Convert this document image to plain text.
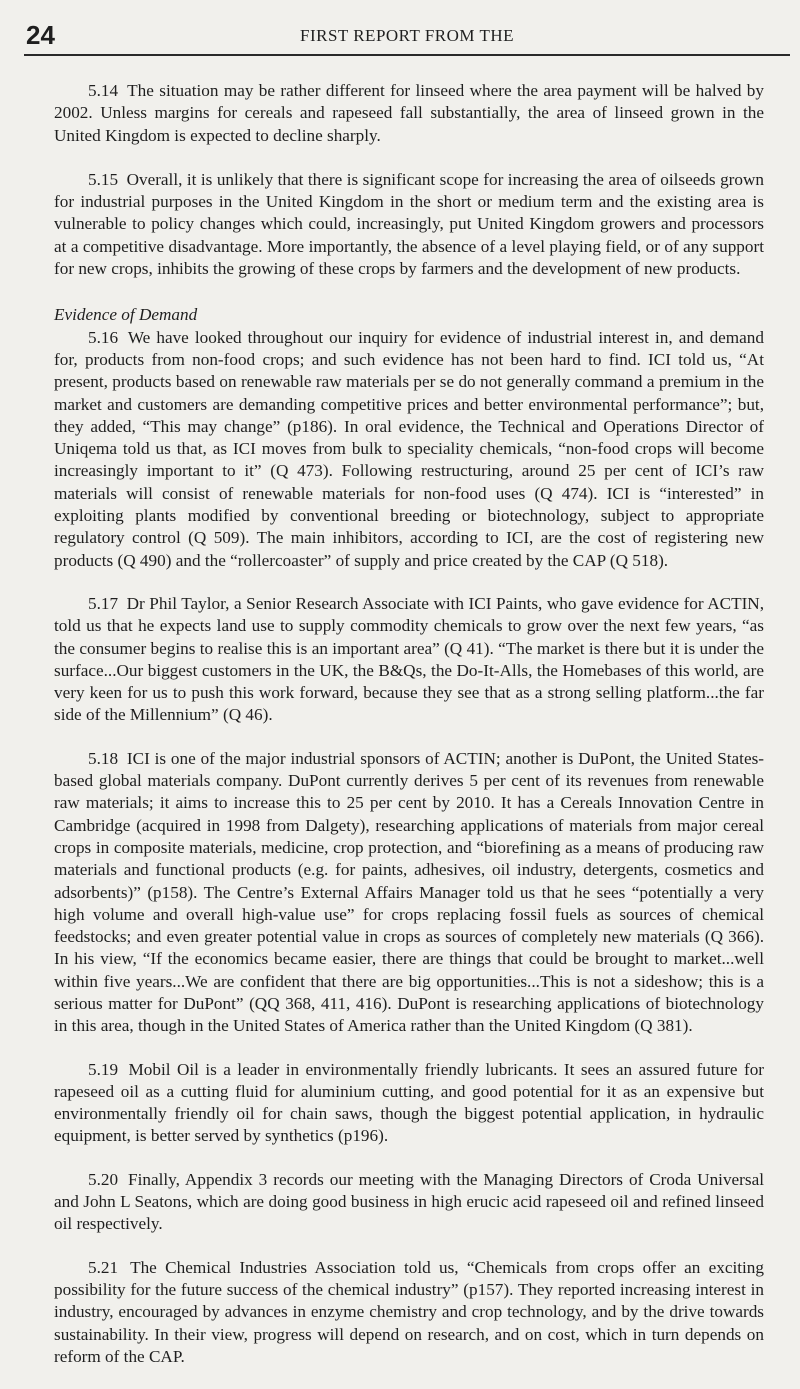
24	FIRST REPORT FROM THE

5.14 The situation may be rather different for linseed where the area payment will be halved by 2002. Unless margins for cereals and rapeseed fall substantially, the area of linseed grown in the United Kingdom is expected to decline sharply.

5.15 Overall, it is unlikely that there is significant scope for increasing the area of oilseeds grown for industrial purposes in the United Kingdom in the short or medium term and the existing area is vulnerable to policy changes which could, increasingly, put United Kingdom growers and processors at a competitive disadvantage. More importantly, the absence of a level playing field, or of any support for new crops, inhibits the growing of these crops by farmers and the development of new products.

Evidence of Demand

5.16 We have looked throughout our inquiry for evidence of industrial interest in, and demand for, products from non-food crops; and such evidence has not been hard to find. ICI told us, “At present, products based on renewable raw materials per se do not generally command a premium in the market and customers are demanding competitive prices and better environmental performance”; but, they added, “This may change” (p186). In oral evidence, the Technical and Operations Director of Uniqema told us that, as ICI moves from bulk to speciality chemicals, “non-food crops will become increasingly important to it” (Q 473). Following restructuring, around 25 per cent of ICI’s raw materials will consist of renewable materials for non-food uses (Q 474). ICI is “interested” in exploiting plants modified by conventional breeding or biotechnology, subject to appropriate regulatory control (Q 509). The main inhibitors, according to ICI, are the cost of registering new products (Q 490) and the “rollercoaster” of supply and price created by the CAP (Q 518).

5.17 Dr Phil Taylor, a Senior Research Associate with ICI Paints, who gave evidence for ACTIN, told us that he expects land use to supply commodity chemicals to grow over the next few years, “as the consumer begins to realise this is an important area” (Q 41). “The market is there but it is under the surface...Our biggest customers in the UK, the B&Qs, the Do-It-Alls, the Homebases of this world, are very keen for us to push this work forward, because they see that as a strong selling platform...the far side of the Millennium” (Q 46).

5.18 ICI is one of the major industrial sponsors of ACTIN; another is DuPont, the United States-based global materials company. DuPont currently derives 5 per cent of its revenues from renewable raw materials; it aims to increase this to 25 per cent by 2010. It has a Cereals Innovation Centre in Cambridge (acquired in 1998 from Dalgety), researching applications of materials from major cereal crops in composite materials, medicine, crop protection, and “biorefining as a means of producing raw materials and functional products (e.g. for paints, adhesives, oil industry, detergents, cosmetics and adsorbents)” (p158). The Centre’s External Affairs Manager told us that he sees “potentially a very high volume and overall high-value use” for crops replacing fossil fuels as sources of chemical feedstocks; and even greater potential value in crops as sources of completely new materials (Q 366). In his view, “If the economics became easier, there are things that could be brought to market...well within five years...We are confident that there are big opportunities...This is not a sideshow; this is a serious matter for DuPont” (QQ 368, 411, 416). DuPont is researching applications of biotechnology in this area, though in the United States of America rather than the United Kingdom (Q 381).

5.19 Mobil Oil is a leader in environmentally friendly lubricants. It sees an assured future for rapeseed oil as a cutting fluid for aluminium cutting, and good potential for it as an expensive but environmentally friendly oil for chain saws, though the biggest potential application, in hydraulic equipment, is better served by synthetics (p196).

5.20 Finally, Appendix 3 records our meeting with the Managing Directors of Croda Universal and John L Seatons, which are doing good business in high erucic acid rapeseed oil and refined linseed oil respectively.

5.21 The Chemical Industries Association told us, “Chemicals from crops offer an exciting possibility for the future success of the chemical industry” (p157). They reported increasing interest in industry, encouraged by advances in enzyme chemistry and crop technology, and by the drive towards sustainability. In their view, progress will depend on research, and on cost, which in turn depends on reform of the CAP.
